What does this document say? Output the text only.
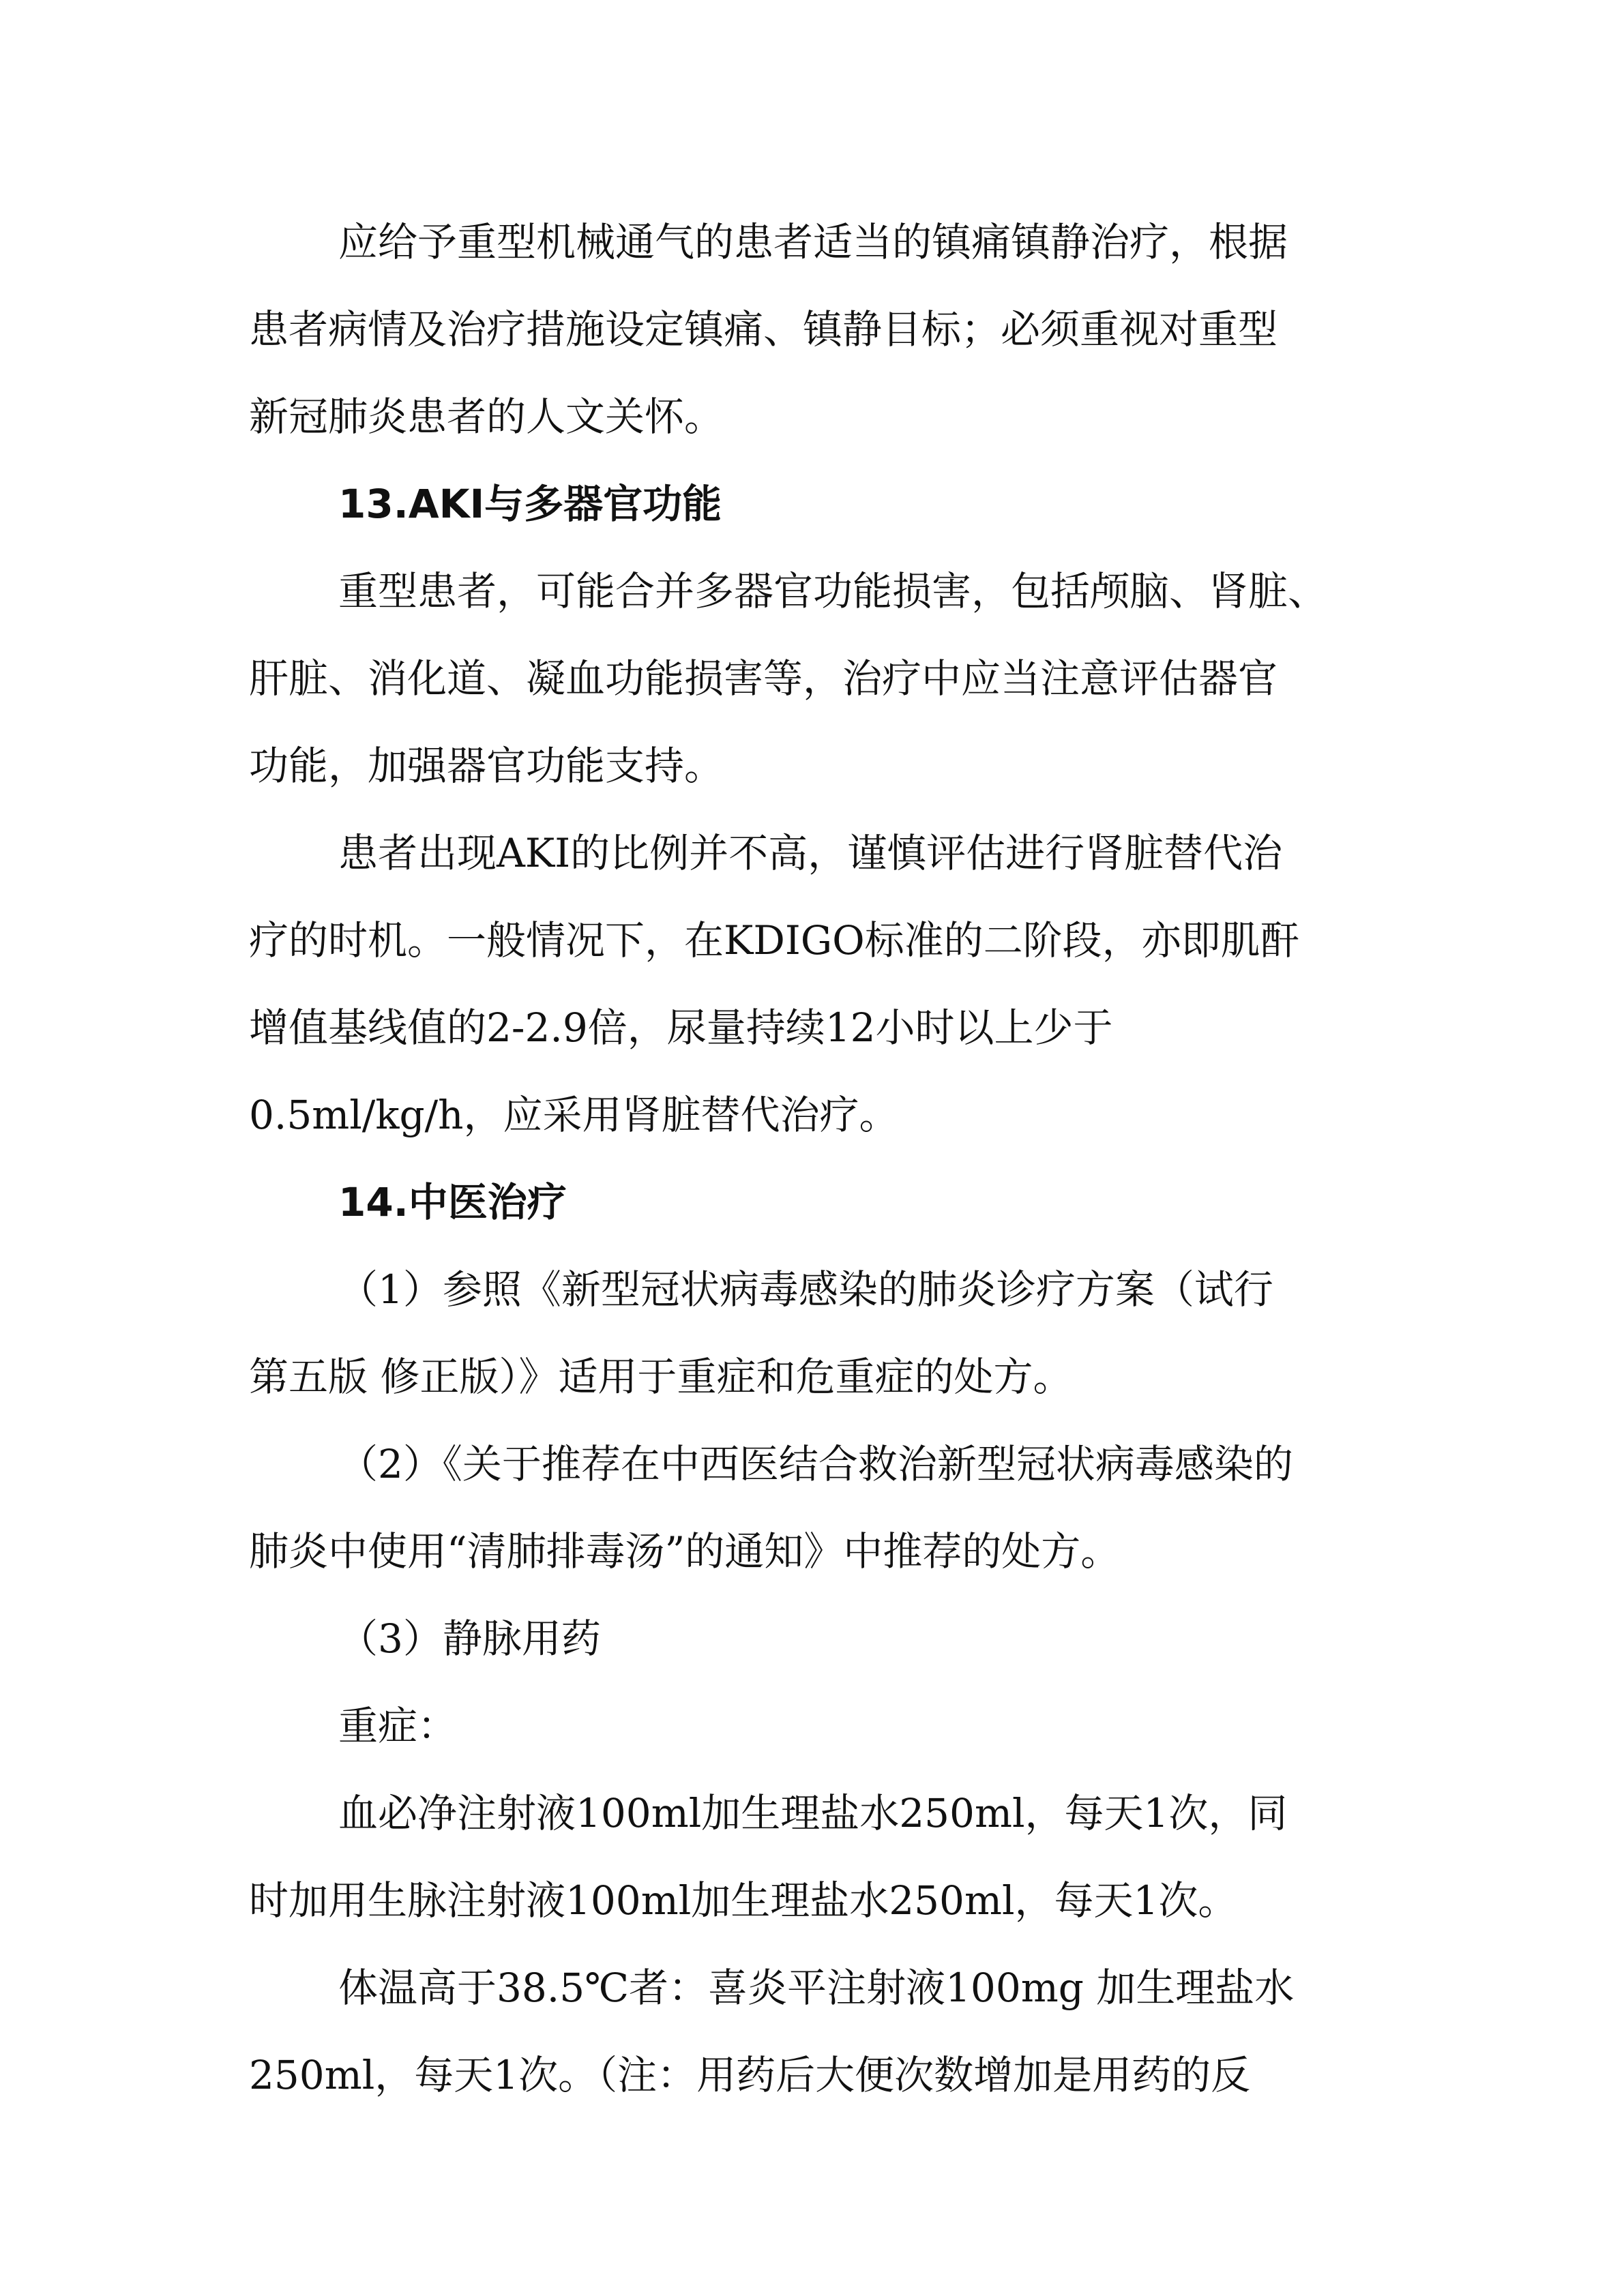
应给予重型机械通气的患者适当的镇痛镇静治疗，根据
患者病情及治疗措施设定镇痛、镇静目标；必须重视对重型
新冠肺炎患者的人文关怀。
13.AKI与多器官功能
重型患者，可能合并多器官功能损害，包括颅脑、肾脏、
肝脏、消化道、凝血功能损害等，治疗中应当注意评估器官
功能，加强器官功能支持。
患者出现AKI的比例并不高，谨慎评估进行肾脏替代治
疗的时机。一般情况下，在KDIGO标准的二阶段，亦即肌酐
增值基线值的2-2.9倍，尿量持续12小时以上少于
0.5ml/kg/h，应采用肾脏替代治疗。
14.中医治疗
（1）参照《新型冠状病毒感染的肺炎诊疗方案（试行
第五版 修正版）》适用于重症和危重症的处方。
（2）《关于推荐在中西医结合救治新型冠状病毒感染的
肺炎中使用“清肺排毒汤”的通知》中推荐的处方。
（3）静脉用药
重症：
血必净注射液100ml加生理盐水250ml，每天1次，同
时加用生脉注射液100ml加生理盐水250ml，每天1次。
体温高于38.5℃者：喜炎平注射液100mg 加生理盐水
250ml，每天1次。（注：用药后大便次数增加是用药的反
